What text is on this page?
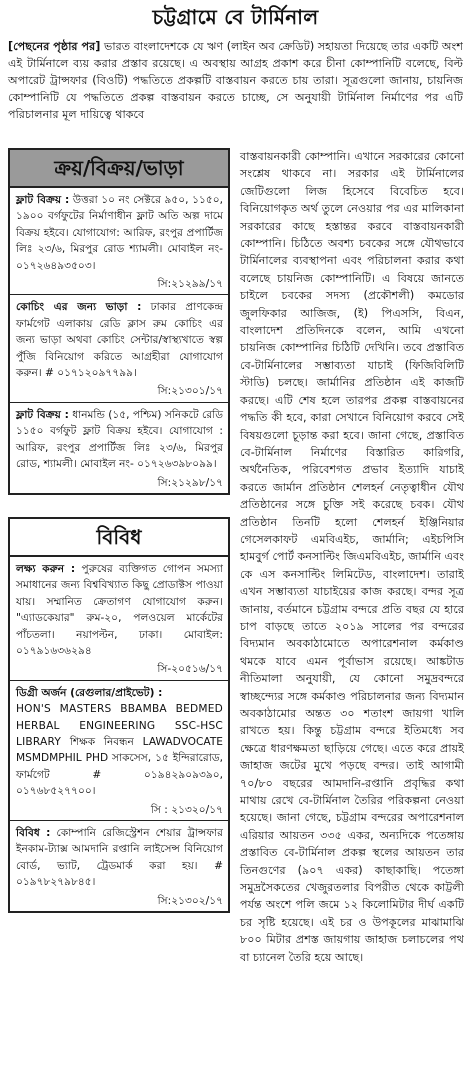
চট্টগ্রামে বে টার্মিনাল
[পেছনের পৃষ্ঠার পর] ভারত বাংলাদেশকে যে ঋণ (লাইন অব ক্রেডিট) সহায়তা দিয়েছে তার একটি অংশ এই টার্মিনালে ব্যয় করার প্রস্তাব রয়েছে। এ অবস্থায় আগ্রহ প্রকাশ করে চীনা কোম্পানিটি বলেছে, বিল্ট অপারেট ট্রান্সফার (বিওটি) পদ্ধতিতে প্রকল্পটি বাস্তবায়ন করতে চায় তারা। সূত্রগুলো জানায়, চায়নিজ কোম্পানিটি যে পদ্ধতিতে প্রকল্প বাস্তবায়ন করতে চাচ্ছে, সে অনুযায়ী টার্মিনাল নির্মাণের পর এটি পরিচালনার মূল দায়িত্বে থাকবে
ক্রয়/বিক্রয়/ভাড়া
ফ্লাট বিক্রয় : উত্তরা ১০ নং সেক্টরে ৯৫০, ১১৫০, ১৯০০ বর্গফুটের নির্মাণাধীন ফ্লাট অতি অল্প দামে বিক্রয় হইবে। যোগাযোগ: আরিফ, রংপুর প্রপার্টিজ লিঃ ২৩/৬, মিরপুর রোড শ্যামলী। মোবাইল নং- ০১৭২৬৪৯৩৫০৩।
সি:২১২৯৯/১৭
কোচিং এর জন্য ভাড়া : ঢাকার প্রাণকেন্দ্র ফার্মগেট এলাকায় রেডি ক্লাস রুম কোচিং এর জন্য ভাড়া অথবা কোচিং সেন্টার/স্বাস্থ্যখাতে স্বল্প পুঁজি বিনিয়োগ করিতে আগ্রহীরা যোগাযোগ করুন। # ০১৭১২০৯৭৭৯৯।
সি:২১৩০১/১৭
ফ্লাট বিক্রয় : ধানমন্ডি (১৫, পশ্চিম) সনিকটে রেডি ১১৫০ বর্গফুট ফ্লাট বিক্রয় হইবে। যোগাযোগ : আরিফ, রংপুর প্রপার্টিজ লিঃ ২৩/৬, মিরপুর রোড, শ্যামলী। মোবাইল নং- ০১৭২৬৩৯৮০৯৯।
সি:২১২৯৮/১৭
বিবিধ
লক্ষ্য করুন : পুরুষের ব্যক্তিগত গোপন সমস্যা সমাধানের জন্য বিশ্ববিখ্যাত কিছু প্রোডাক্টস পাওয়া যায়। সম্মানিত ক্রেতাগণ যোগাযোগ করুন। "এ্যাডকেয়ার" রুম-২০, পলওয়েল মার্কেটের পাঁচতলা। নয়াপল্টন, ঢাকা। মোবাইল: ০১৭৯১৬৩৬২৯৪
সি-২০৫১৬/১৭
ডিগ্রী অর্জন (রেগুলার/প্রাইভেট) :
HON'S MASTERS BBAMBA BEDMED HERBAL ENGINEERING SSC-HSC LIBRARY শিক্ষক নিবন্ধন LAWADVOCATE MSMDMPHIL PHD সাকসেস, ১৫ ইন্দিরারোড, ফার্মগেট # ০১৯৪২৯০৯৩৯০, ০১৭৬৮৫২৭৭০০।
সি : ২১৩২০/১৭
বিবিধ : কোম্পানি রেজিস্ট্রেশন শেয়ার ট্রান্সফার ইনকাম-ট্যাক্স আমদানি রপ্তানি লাইসেন্স বিনিয়োগ বোর্ড, ভ্যাট, ট্রেডমার্ক করা হয়। # ০১৯৭৮২৭৯৮৪৫।
সি:২১৩০২/১৭
বাস্তবায়নকারী কোম্পানি। এখানে সরকারের কোনো সংশ্লেষ থাকবে না। সরকার এই টার্মিনালের জেটিগুলো লিজ হিসেবে বিবেচিত হবে। বিনিয়োগকৃত অর্থ তুলে নেওয়ার পর এর মালিকানা সরকারের কাছে হস্তান্তর করবে বাস্তবায়নকারী কোম্পানি। চিঠিতে অবশ্য চবকের সঙ্গে যৌথভাবে টার্মিনালের ব্যবস্থাপনা এবং পরিচালনা করার কথা বলেছে চায়নিজ কোম্পানিটি। এ বিষয়ে জানতে চাইলে চবকের সদস্য (প্রকৌশলী) কমডোর জুলফিকার আজিজ, (ই) পিএসসি, বিএন, বাংলাদেশ প্রতিদিনকে বলেন, আমি এখনো চায়নিজ কোম্পানির চিঠিটি দেখিনি। তবে প্রস্তাবিত বে-টার্মিনালের সম্ভাব্যতা যাচাই (ফিজিবিলিটি স্টাডি) চলছে। জার্মানির প্রতিষ্ঠান এই কাজটি করছে। এটি শেষ হলে তারপর প্রকল্প বাস্তবায়নের পদ্ধতি কী হবে, কারা সেখানে বিনিয়োগ করবে সেই বিষয়গুলো চূড়ান্ত করা হবে। জানা গেছে, প্রস্তাবিত বে-টার্মিনাল নির্মাণের বিস্তারিত কারিগরি, অর্থনৈতিক, পরিবেশগত প্রভাব ইত্যাদি যাচাই করতে জার্মান প্রতিষ্ঠান শেলহর্ন নেতৃত্বাধীন যৌথ প্রতিষ্ঠানের সঙ্গে চুক্তি সই করেছে চবক। যৌথ প্রতিষ্ঠান তিনটি হলো শেলহর্ন ইঞ্জিনিয়ার গেসেলকাফট এমবিএইচ, জার্মানি; এইচপিসি হামবুর্গ পোর্ট কনসাল্টিং জিএমবিএইচ, জার্মানি এবং কে এস কনসাল্টিং লিমিটেড, বাংলাদেশ। তারাই এখন সম্ভাব্যতা যাচাইয়ের কাজ করছে। বন্দর সূত্র জানায়, বর্তমানে চট্টগ্রাম বন্দরে প্রতি বছর যে হারে চাপ বাড়ছে তাতে ২০১৯ সালের পর বন্দরের বিদ্যমান অবকাঠামোতে অপারেশনাল কর্মকাণ্ড থমকে যাবে এমন পূর্বাভাস রয়েছে। আঙ্কটাড নীতিমালা অনুযায়ী, যে কোনো সমুদ্রবন্দরে স্বাচ্ছন্দ্যের সঙ্গে কর্মকাণ্ড পরিচালনার জন্য বিদ্যমান অবকাঠামোর অন্তত ৩০ শতাংশ জায়গা খালি রাখতে হয়। কিন্তু চট্টগ্রাম বন্দরে ইতিমধ্যে সব ক্ষেত্রে ধারণক্ষমতা ছাড়িয়ে গেছে। এতে করে প্রায়ই জাহাজ জটের মুখে পড়ছে বন্দর। তাই আগামী ৭০/৮০ বছরের আমদানি-রপ্তানি প্রবৃদ্ধির কথা মাথায় রেখে বে-টার্মিনাল তৈরির পরিকল্পনা নেওয়া হয়েছে। জানা গেছে, চট্টগ্রাম বন্দরের অপারেশনাল এরিয়ার আয়তন ৩৩৫ একর, অন্যদিকে পতেঙ্গায় প্রস্তাবিত বে-টার্মিনাল প্রকল্প স্থলের আয়তন তার তিনগুণের (৯০৭ একর) কাছাকাছি। পতেঙ্গা সমুদ্রসৈকতের খেজুরতলার বিপরীত থেকে কাট্টলী পর্যন্ত অংশে পলি জমে ১২ কিলোমিটার দীর্ঘ একটি চর সৃষ্টি হয়েছে। এই চর ও উপকূলের মাঝামাঝি ৮০০ মিটার প্রশস্ত জায়গায় জাহাজ চলাচলের পথ বা চ্যানেল তৈরি হয়ে আছে।
